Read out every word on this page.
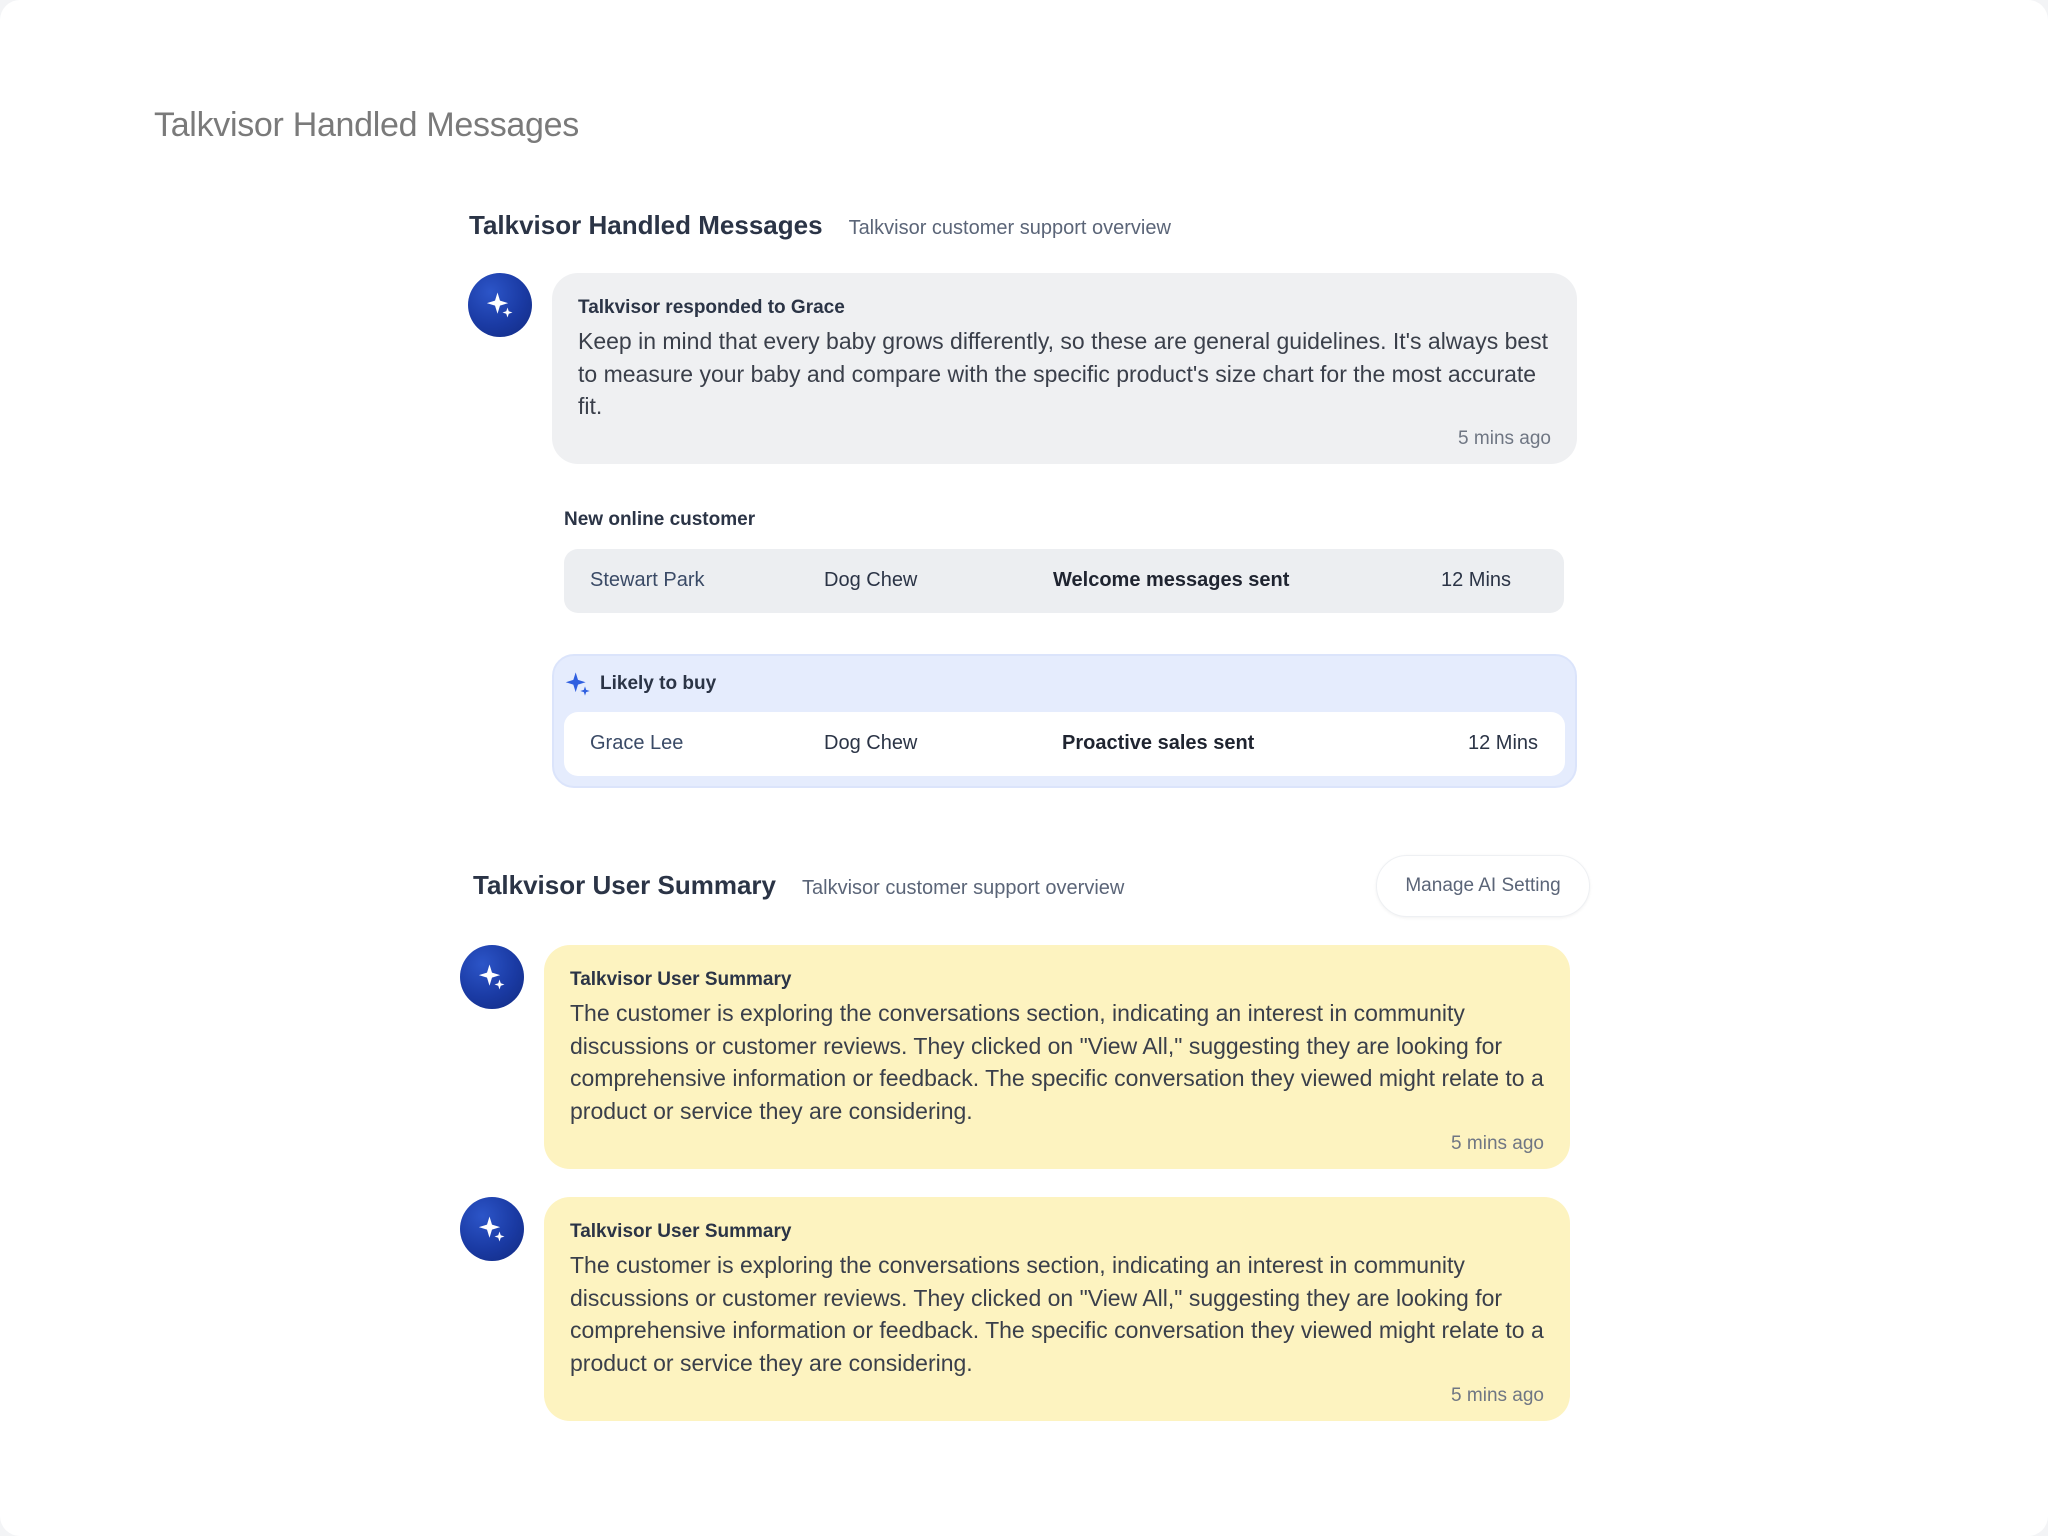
Talkvisor Handled Messages
Talkvisor Handled Messages Talkvisor customer support overview
Talkvisor responded to Grace
Keep in mind that every baby grows differently, so these are general guidelines. It's always best to measure your baby and compare with the specific product's size chart for the most accurate fit.
5 mins ago
New online customer
Stewart Park	Dog Chew	Welcome messages sent	12 Mins
Likely to buy
Grace Lee	Dog Chew	Proactive sales sent	12 Mins
Talkvisor User Summary Talkvisor customer support overview	Manage AI Setting
Talkvisor User Summary
The customer is exploring the conversations section, indicating an interest in community discussions or customer reviews. They clicked on "View All," suggesting they are looking for comprehensive information or feedback. The specific conversation they viewed might relate to a product or service they are considering.
5 mins ago
Talkvisor User Summary
The customer is exploring the conversations section, indicating an interest in community discussions or customer reviews. They clicked on "View All," suggesting they are looking for comprehensive information or feedback. The specific conversation they viewed might relate to a product or service they are considering.
5 mins ago
